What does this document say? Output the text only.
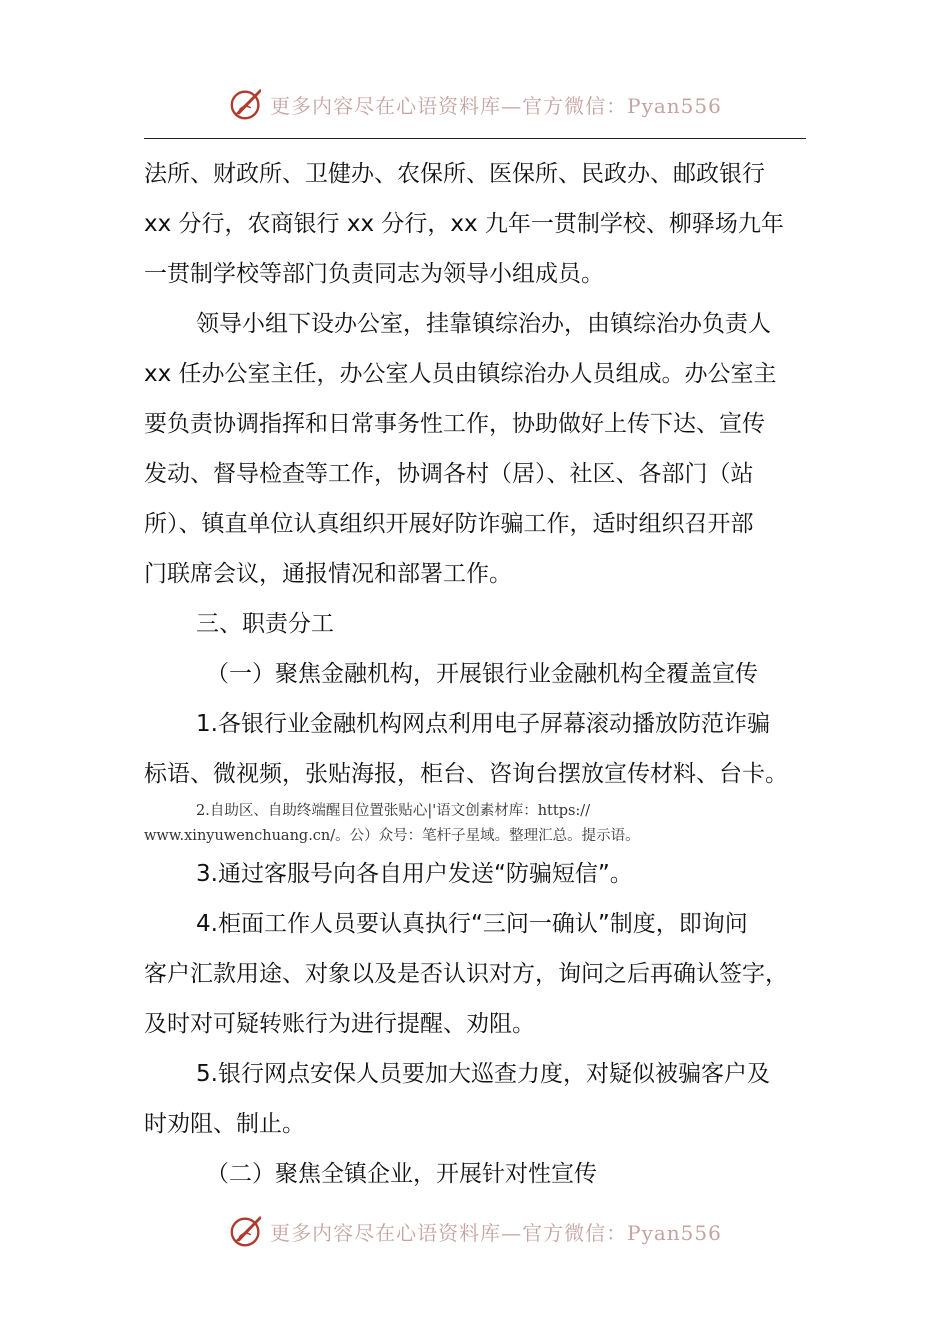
更多内容尽在心语资料库—官方微信：Pyan556
法所、财政所、卫健办、农保所、医保所、民政办、邮政银行
xx 分行，农商银行 xx 分行，xx 九年一贯制学校、柳驿场九年
一贯制学校等部门负责同志为领导小组成员。
领导小组下设办公室，挂靠镇综治办，由镇综治办负责人
xx 任办公室主任，办公室人员由镇综治办人员组成。办公室主
要负责协调指挥和日常事务性工作，协助做好上传下达、宣传
发动、督导检查等工作，协调各村（居）、社区、各部门（站
所）、镇直单位认真组织开展好防诈骗工作，适时组织召开部
门联席会议，通报情况和部署工作。
三、职责分工
（一）聚焦金融机构，开展银行业金融机构全覆盖宣传
1.各银行业金融机构网点利用电子屏幕滚动播放防范诈骗
标语、微视频，张贴海报，柜台、咨询台摆放宣传材料、台卡。
2.自助区、自助终端醒目位置张贴心|'语文创素材库：https://
www.xinyuwenchuang.cn/。公）众号：笔杆子星域。整理汇总。提示语。
3.通过客服号向各自用户发送“防骗短信”。
4.柜面工作人员要认真执行“三问一确认”制度，即询问
客户汇款用途、对象以及是否认识对方，询问之后再确认签字，
及时对可疑转账行为进行提醒、劝阻。
5.银行网点安保人员要加大巡查力度，对疑似被骗客户及
时劝阻、制止。
（二）聚焦全镇企业，开展针对性宣传
更多内容尽在心语资料库—官方微信：Pyan556
